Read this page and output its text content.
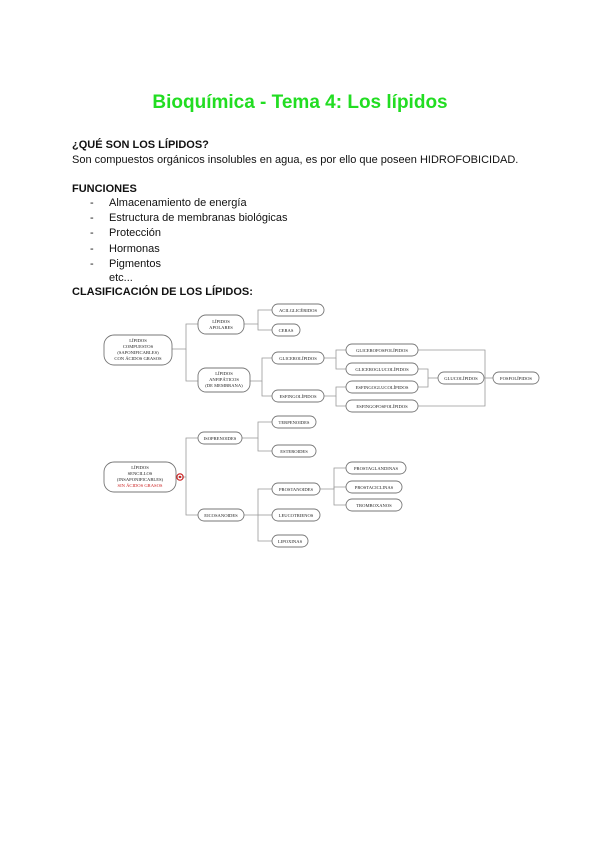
Bioquímica - Tema 4: Los lípidos
¿QUÉ SON LOS LÍPIDOS?
Son compuestos orgánicos insolubles en agua, es por ello que poseen HIDROFOBICIDAD.
FUNCIONES
- Almacenamiento de energía
- Estructura de membranas biológicas
- Protección
- Hormonas
- Pigmentos
etc...
CLASIFICACIÓN DE LOS LÍPIDOS:
LÍPIDOS
COMPUESTOS
(SAPONIFICABLES)
CON ÁCIDOS GRASOS
LÍPIDOS
APOLARES
LÍPIDOS
ANFIPÁTICOS
(DE MEMBRANA)
ACILGLICÉRIDOS
CERAS
GLICEROLÍPIDOS
ESFINGOLÍPIDOS
GLICEROFOSFOLÍPIDOS
GLICEROGLUCOLÍPIDOS
ESFINGOGLUCOLÍPIDOS
ESFINGOFOSFOLÍPIDOS
GLUCOLÍPIDOS	FOSFOLÍPIDOS
LÍPIDOS
SENCILLOS
(INSAPONIFICABLES)
SIN ÁCIDOS GRASOS
ISOPRENOIDES
TERPENOIDES
ESTEROIDES
EICOSANOIDES
PROSTANOIDES
LEUCOTRIENOS
LIPOXINAS
PROSTAGLANDINAS
PROSTACICLINAS
TROMBOXANOS
